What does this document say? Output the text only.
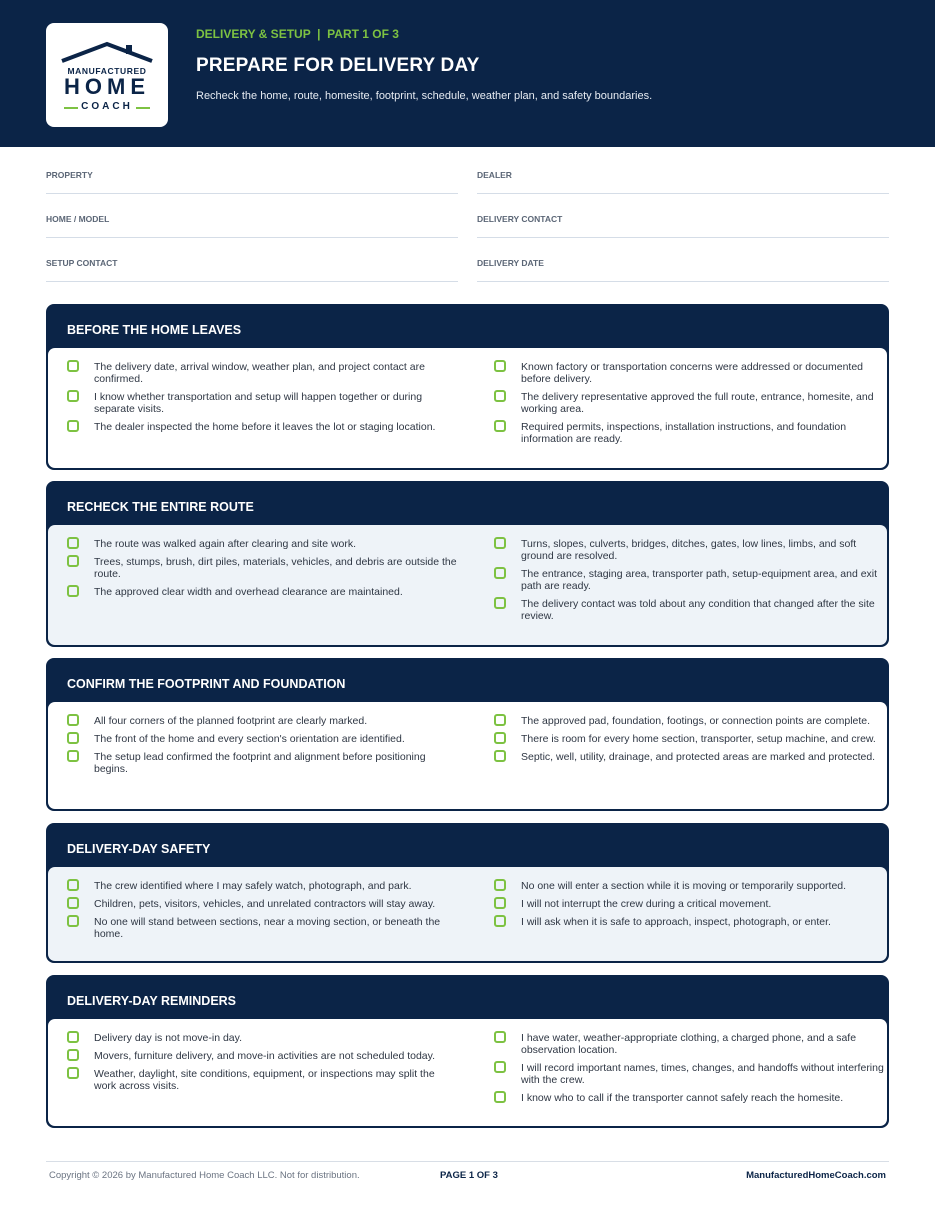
MANUFACTURED
HOME
COACH
DELIVERY & SETUP  |  PART 1 OF 3
PREPARE FOR DELIVERY DAY
Recheck the home, route, homesite, footprint, schedule, weather plan, and safety boundaries.
PROPERTY	DEALER
HOME / MODEL	DELIVERY CONTACT
SETUP CONTACT	DELIVERY DATE
BEFORE THE HOME LEAVES
The delivery date, arrival window, weather plan, and project contact are confirmed.
I know whether transportation and setup will happen together or during separate visits.
The dealer inspected the home before it leaves the lot or staging location.
Known factory or transportation concerns were addressed or documented before delivery.
The delivery representative approved the full route, entrance, homesite, and working area.
Required permits, inspections, installation instructions, and foundation information are ready.
RECHECK THE ENTIRE ROUTE
The route was walked again after clearing and site work.
Trees, stumps, brush, dirt piles, materials, vehicles, and debris are outside the route.
The approved clear width and overhead clearance are maintained.
Turns, slopes, culverts, bridges, ditches, gates, low lines, limbs, and soft ground are resolved.
The entrance, staging area, transporter path, setup-equipment area, and exit path are ready.
The delivery contact was told about any condition that changed after the site review.
CONFIRM THE FOOTPRINT AND FOUNDATION
All four corners of the planned footprint are clearly marked.
The front of the home and every section's orientation are identified.
The setup lead confirmed the footprint and alignment before positioning begins.
The approved pad, foundation, footings, or connection points are complete.
There is room for every home section, transporter, setup machine, and crew.
Septic, well, utility, drainage, and protected areas are marked and protected.
DELIVERY-DAY SAFETY
The crew identified where I may safely watch, photograph, and park.
Children, pets, visitors, vehicles, and unrelated contractors will stay away.
No one will stand between sections, near a moving section, or beneath the home.
No one will enter a section while it is moving or temporarily supported.
I will not interrupt the crew during a critical movement.
I will ask when it is safe to approach, inspect, photograph, or enter.
DELIVERY-DAY REMINDERS
Delivery day is not move-in day.
Movers, furniture delivery, and move-in activities are not scheduled today.
Weather, daylight, site conditions, equipment, or inspections may split the work across visits.
I have water, weather-appropriate clothing, a charged phone, and a safe observation location.
I will record important names, times, changes, and handoffs without interfering with the crew.
I know who to call if the transporter cannot safely reach the homesite.
Copyright © 2026 by Manufactured Home Coach LLC. Not for distribution.	PAGE 1 OF 3	ManufacturedHomeCoach.com
